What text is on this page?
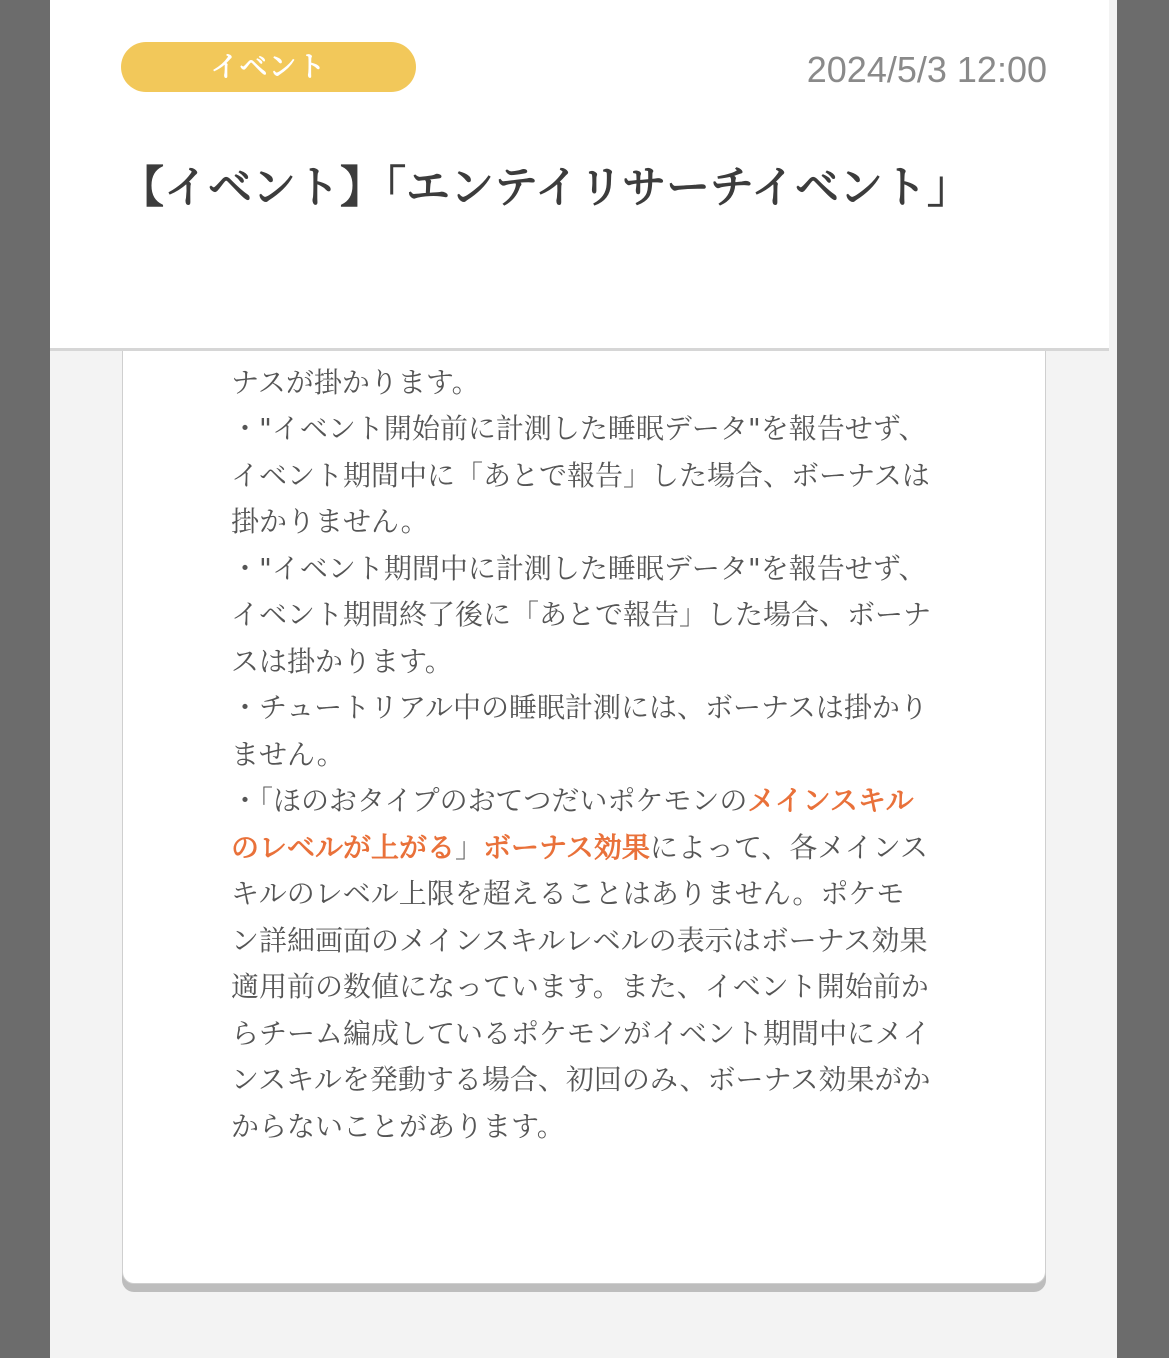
イベント	2024/5/3 12:00
【イベント】「エンテイリサーチイベント」

ナスが掛かります。
・"イベント開始前に計測した睡眠データ"を報告せず、イベント期間中に「あとで報告」した場合、ボーナスは掛かりません。
・"イベント期間中に計測した睡眠データ"を報告せず、イベント期間終了後に「あとで報告」した場合、ボーナスは掛かります。
・チュートリアル中の睡眠計測には、ボーナスは掛かりません。
・「ほのおタイプのおてつだいポケモンのメインスキルのレベルが上がる」ボーナス効果によって、各メインスキルのレベル上限を超えることはありません。ポケモン詳細画面のメインスキルレベルの表示はボーナス効果適用前の数値になっています。また、イベント開始前からチーム編成しているポケモンがイベント期間中にメインスキルを発動する場合、初回のみ、ボーナス効果がかからないことがあります。
